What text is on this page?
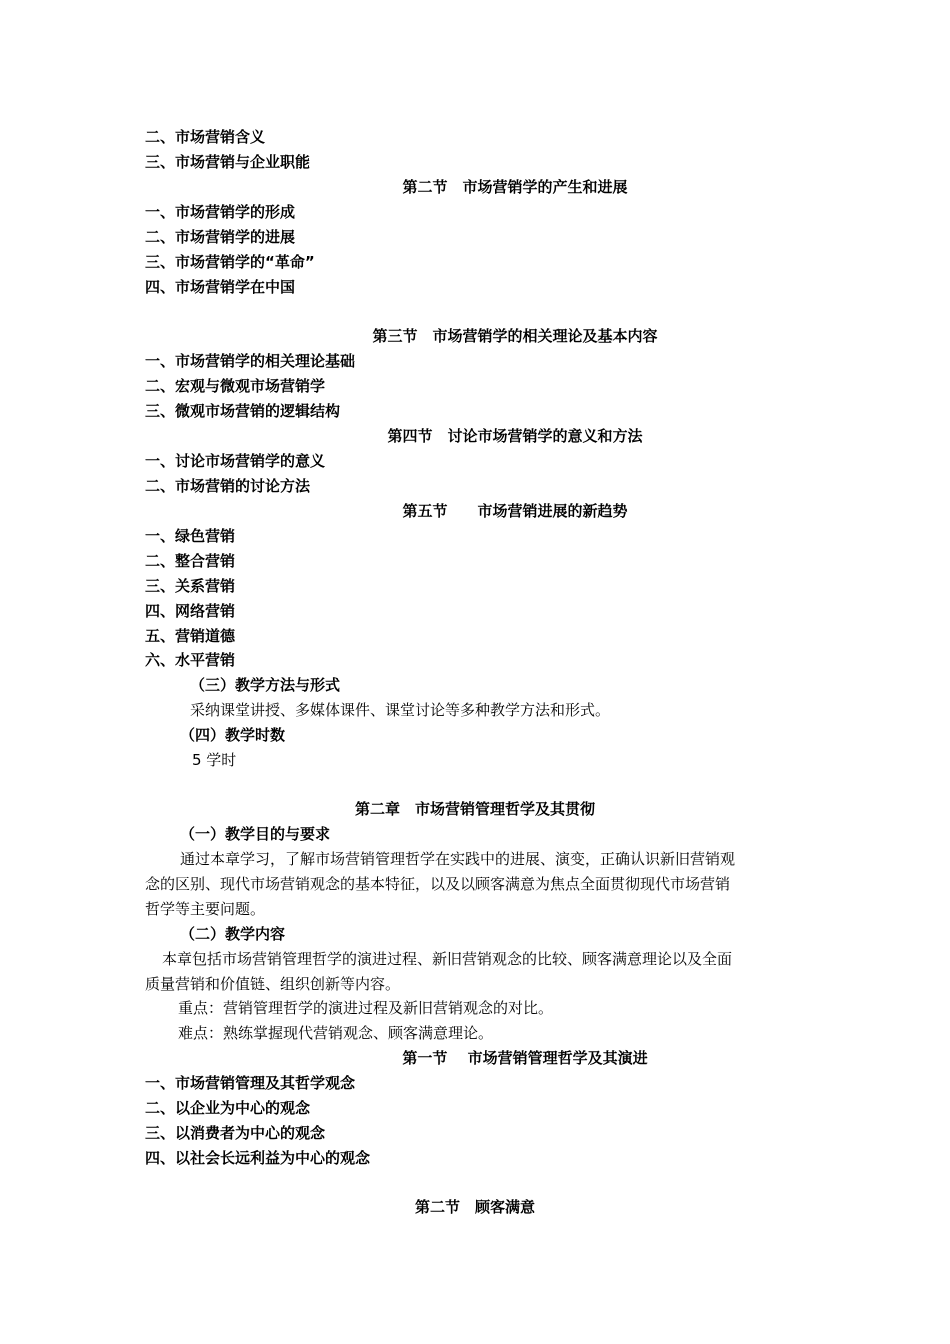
二、市场营销含义
三、市场营销与企业职能
第二节　市场营销学的产生和进展
一、市场营销学的形成
二、市场营销学的进展
三、市场营销学的“革命”
四、市场营销学在中国
第三节　市场营销学的相关理论及基本内容
一、市场营销学的相关理论基础
二、宏观与微观市场营销学
三、微观市场营销的逻辑结构
第四节　讨论市场营销学的意义和方法
一、讨论市场营销学的意义
二、市场营销的讨论方法
第五节　　市场营销进展的新趋势
一、绿色营销
二、整合营销
三、关系营销
四、网络营销
五、营销道德
六、水平营销
（三）教学方法与形式
采纳课堂讲授、多媒体课件、课堂讨论等多种教学方法和形式。
（四）教学时数
5 学时
第二章　市场营销管理哲学及其贯彻
（一）教学目的与要求
通过本章学习，了解市场营销管理哲学在实践中的进展、演变，正确认识新旧营销观
念的区别、现代市场营销观念的基本特征，以及以顾客满意为焦点全面贯彻现代市场营销
哲学等主要问题。
（二）教学内容
本章包括市场营销管理哲学的演进过程、新旧营销观念的比较、顾客满意理论以及全面
质量营销和价值链、组织创新等内容。
重点：营销管理哲学的演进过程及新旧营销观念的对比。
难点：熟练掌握现代营销观念、顾客满意理论。
第一节　 市场营销管理哲学及其演进
一、市场营销管理及其哲学观念
二、以企业为中心的观念
三、以消费者为中心的观念
四、以社会长远利益为中心的观念
第二节　顾客满意
